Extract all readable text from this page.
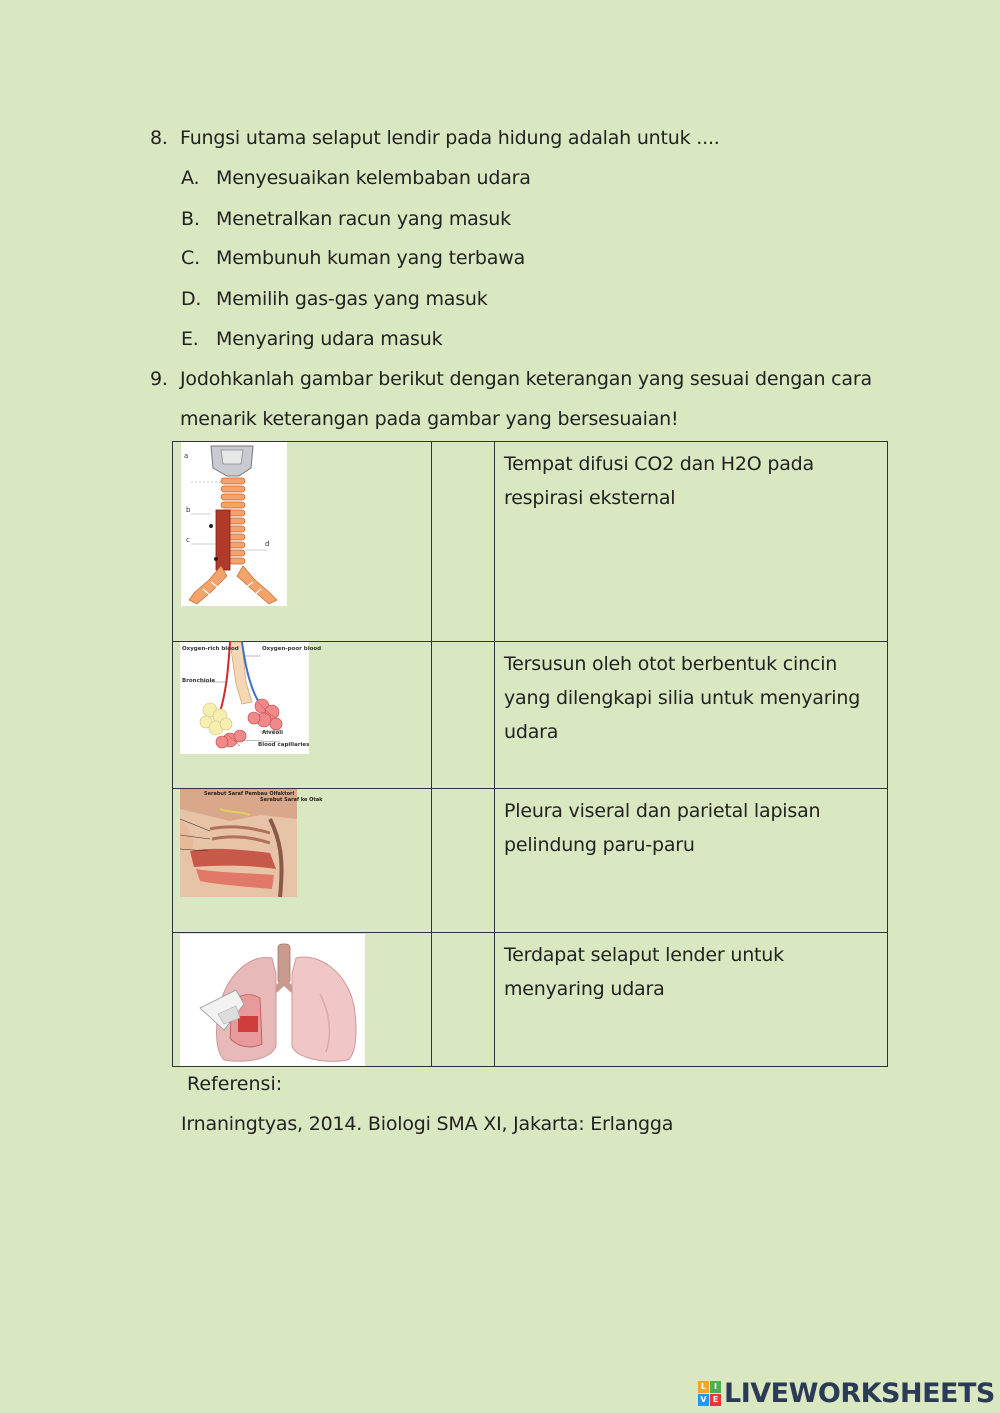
8. Fungsi utama selaput lendir pada hidung adalah untuk ....
A. Menyesuaikan kelembaban udara
B. Menetralkan racun yang masuk
C. Membunuh kuman yang terbawa
D. Memilih gas-gas yang masuk
E. Menyaring udara masuk
9. Jodohkanlah gambar berikut dengan keterangan yang sesuai dengan cara
menarik keterangan pada gambar yang bersesuaian!
a
b
c d		Tempat difusi CO2 dan H2O pada respirasi eksternal

Oxygen-rich blood Oxygen-poor blood
Bronchiole
Alveoli
Blood capillaries		Tersusun oleh otot berbentuk cincin yang dilengkapi silia untuk menyaring udara

Serabut Saraf Pembau Olfaktori
Serabut Saraf ke Otak		Pleura viseral dan parietal lapisan pelindung paru-paru

		Terdapat selaput lender untuk menyaring udara
Referensi:
Irnaningtyas, 2014. Biologi SMA XI, Jakarta: Erlangga
L I
V E LIVEWORKSHEETS
